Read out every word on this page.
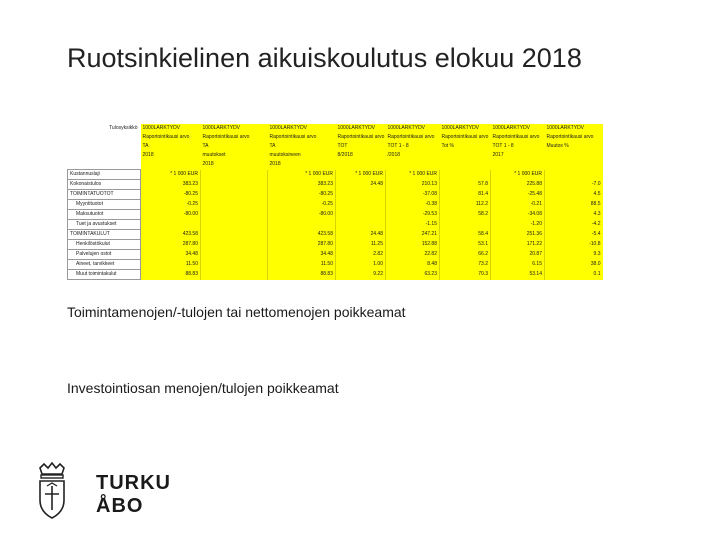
Ruotsinkielinen aikuiskoulutus elokuu 2018
Tulosyksikkö	1000LARKTYDV	1000LARKTYDV	1000LARKTYDV	1000LARKTYDV	1000LARKTYDV	1000LARKTYDV	1000LARKTYDV	1000LARKTYDV
	Raportointikausi arvo	Raportointikausi arvo	Raportointikausi arvo	Raportointikausi arvo	Raportointikausi arvo	Raportointikausi arvo	Raportointikausi arvo	Raportointikausi arvo
	TA	TA	TA	TOT	TOT 1 - 8	Tot %	TOT 1 - 8	Muutos %
	2018	muutokset	muutoksineen	8/2018	/2018		2017	
		2018	2018					
Kustannuslaji	* 1 000 EUR		* 1 000 EUR	* 1 000 EUR	* 1 000 EUR		* 1 000 EUR	
Kokonaistulos	383.23		383.23	24.48	210.13	57.8	225.88	-7.0
TOIMINTATUOTOT	-80.25		-80.25		-37.08	81.4	-25.48	4.5
Myyntituotot	-0.25		-0.25		-0.38	112.2	-0.21	88.5
Maksutuotot	-80.00		-80.00		-29.53	58.2	-34.08	4.3
Tuet ja avustukset					-1.15		-1.20	-4.2
TOIMINTAKULUT	423.58		423.58	24.48	247.21	58.4	251.36	-5.4
Henkilöstökulut	287.80		287.80	11.25	152.88	53.1	171.22	-10.8
Palvelujen ostot	34.48		34.48	2.82	22.82	66.2	20.87	9.3
Aineet, tarvikkeet	11.50		11.50	1.00	8.48	73.2	6.15	38.0
Muut toimintakulut	88.83		88.83	9.22	63.23	70.3	53.14	0.1
Toimintamenojen/-tulojen tai nettomenojen poikkeamat
Investointiosan menojen/tulojen poikkeamat
TURKU
ÅBO
